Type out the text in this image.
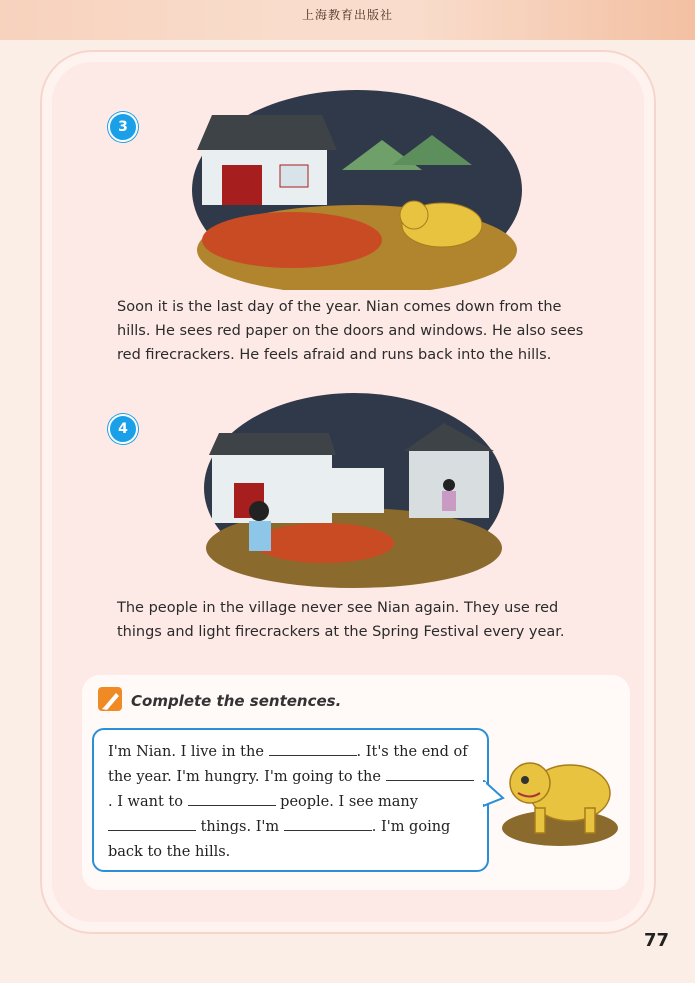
上海教育出版社
3
Soon it is the last day of the year. Nian comes down from the hills. He sees red paper on the doors and windows. He also sees red firecrackers. He feels afraid and runs back into the hills.
4
The people in the village never see Nian again. They use red things and light firecrackers at the Spring Festival every year.
Complete the sentences.
I'm Nian. I live in the	. It's the end of the year. I'm hungry. I'm going to the . I want to	people. I see many  things. I'm	. I'm going back to the hills.
77
